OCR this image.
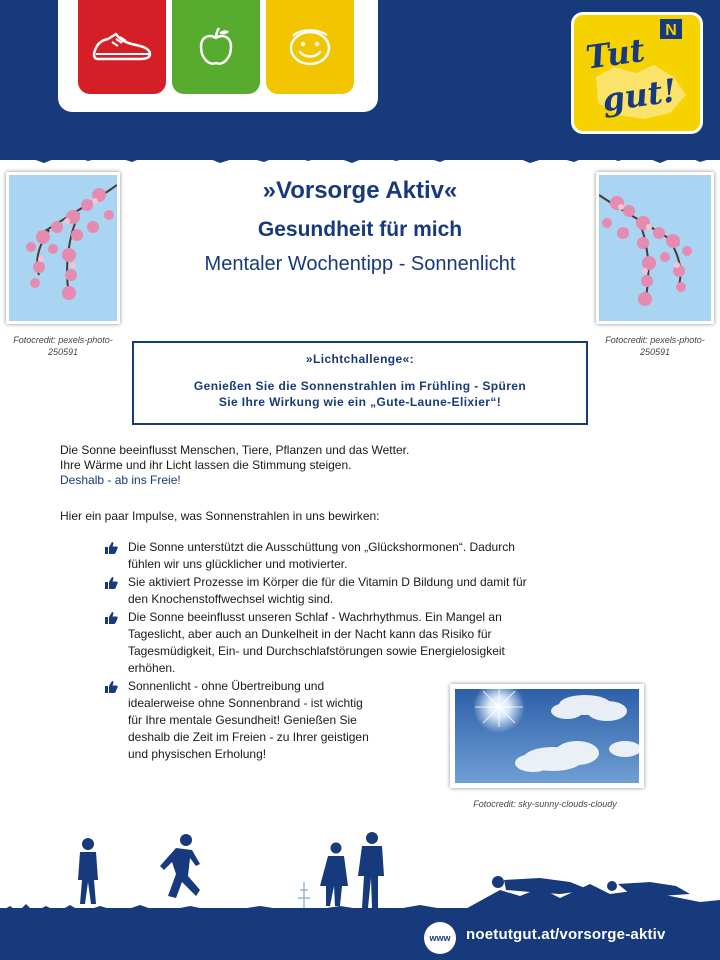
N
Tut
gut!
Fotocredit: pexels-photo-250591
Fotocredit: pexels-photo-250591
»Vorsorge Aktiv«
Gesundheit für mich
Mentaler Wochentipp - Sonnenlicht
»Lichtchallenge«:
Genießen Sie die Sonnenstrahlen im Frühling - Spüren
Sie Ihre Wirkung wie ein „Gute-Laune-Elixier“!
Die Sonne beeinflusst Menschen, Tiere, Pflanzen und das Wetter.
Ihre Wärme und ihr Licht lassen die Stimmung steigen.
Deshalb - ab ins Freie!
Hier ein paar Impulse, was Sonnenstrahlen in uns bewirken:
Die Sonne unterstützt die Ausschüttung von „Glückshormonen“. Dadurch
fühlen wir uns glücklicher und motivierter.
Sie aktiviert Prozesse im Körper die für die Vitamin D Bildung und damit für
den Knochenstoffwechsel wichtig sind.
Die Sonne beeinflusst unseren Schlaf - Wachrhythmus. Ein Mangel an
Tageslicht, aber auch an Dunkelheit in der Nacht kann das Risiko für
Tagesmüdigkeit, Ein- und Durchschlafstörungen sowie Energielosigkeit
erhöhen.
Sonnenlicht - ohne Übertreibung und
idealerweise ohne Sonnenbrand - ist wichtig
für Ihre mentale Gesundheit! Genießen Sie
deshalb die Zeit im Freien - zu Ihrer geistigen
und physischen Erholung!
Fotocredit: sky-sunny-clouds-cloudy
www	noetutgut.at/vorsorge-aktiv
